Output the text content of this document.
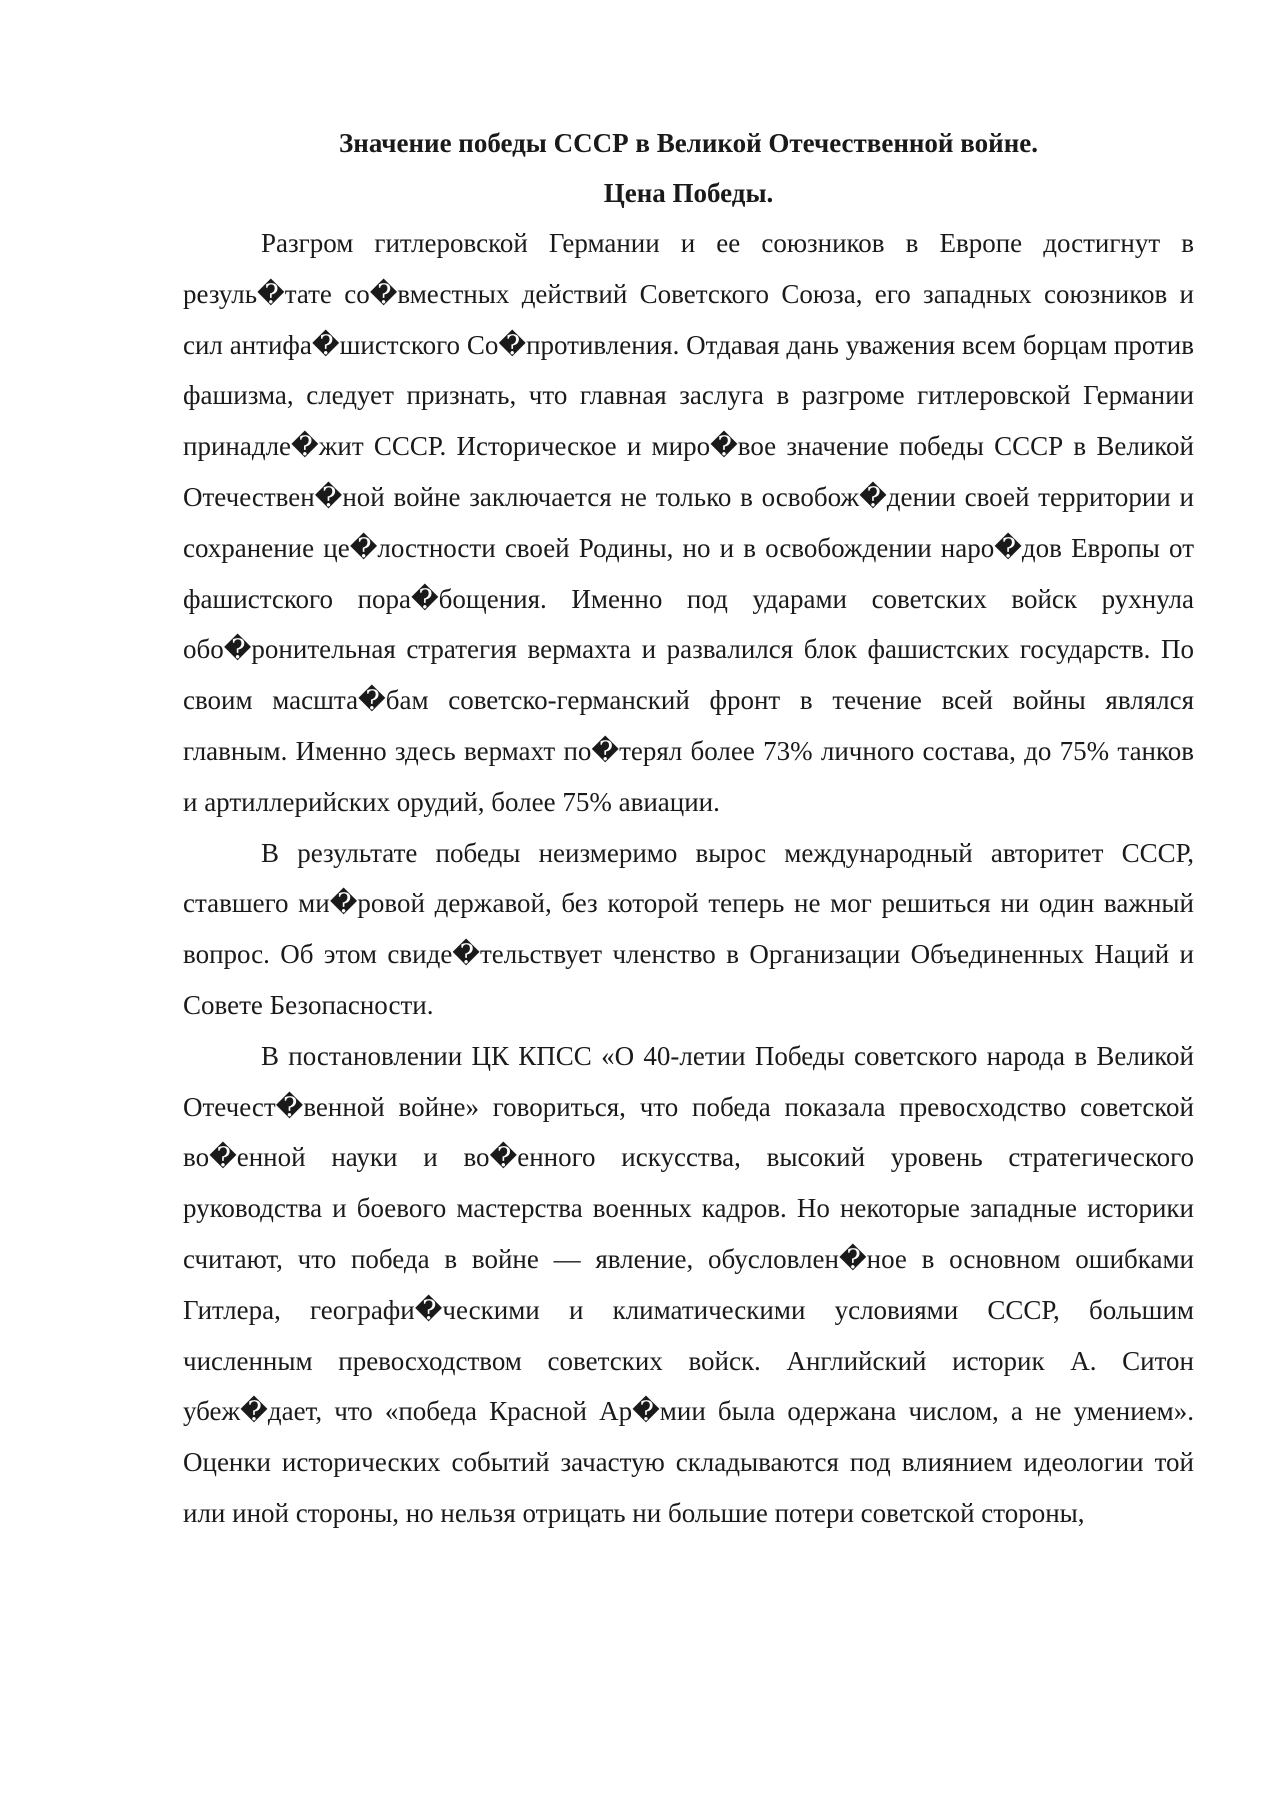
Значение победы СССР в Великой Отечественной войне.

Цена Победы.

Разгром гитлеровской Германии и ее союзников в Европе достигнут в резуль�тате со�вместных действий Советского Союза, его западных союзников и сил антифа�шистского Со�противления. Отдавая дань уважения всем борцам против фашизма, следует признать, что главная заслуга в разгроме гитлеровской Германии принадле�жит СССР. Историческое и миро�вое значение победы СССР в Великой Отечествен�ной войне заключается не только в освобож�дении своей территории и сохранение це�лостности своей Родины, но и в освобождении наро�дов Европы от фашистского пора�бощения. Именно под ударами советских войск рухнула обо�ронительная стратегия вермахта и развалился блок фашистских государств. По своим масшта�бам советско-германский фронт в течение всей войны являлся главным. Именно здесь вермахт по�терял более 73% личного состава, до 75% танков и артиллерийских орудий, более 75% авиации.

В результате победы неизмеримо вырос международный авторитет СССР, ставшего ми�ровой державой, без которой теперь не мог решиться ни один важный вопрос. Об этом свиде�тельствует членство в Организации Объединенных Наций и Совете Безопасности.

В постановлении ЦК КПСС «О 40-летии Победы советского народа в Великой Отечест�венной войне» говориться, что победа показала превосходство советской во�енной науки и во�енного искусства, высокий уровень стратегического руководства и боевого мастерства военных кадров. Но некоторые западные историки считают, что победа в войне — явление, обусловлен�ное в основном ошибками Гитлера, географи�ческими и климатическими условиями СССР, большим численным превосходством советских войск. Английский историк А. Ситон убеж�дает, что «победа Красной Ар�мии была одержана числом, а не умением». Оценки исторических событий зачастую складываются под влиянием идеологии той или иной стороны, но нельзя отрицать ни большие потери советской стороны,
